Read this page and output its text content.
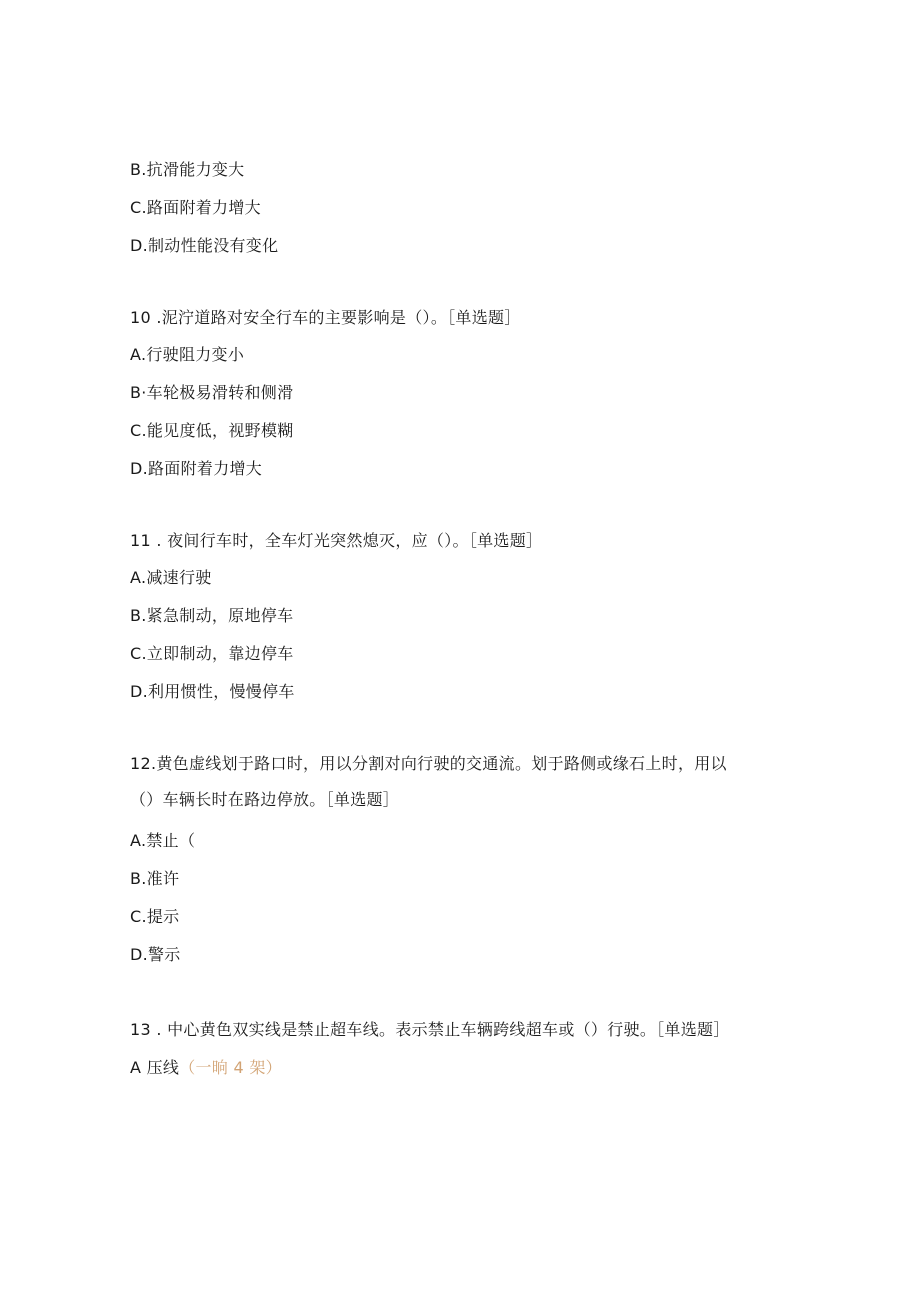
B.抗滑能力变大
C.路面附着力增大
D.制动性能没有变化
10 .泥泞道路对安全行车的主要影响是（）。［单选题］
A.行驶阻力变小
B·车轮极易滑转和侧滑
C.能见度低，视野模糊
D.路面附着力增大
11 . 夜间行车时，全车灯光突然熄灭，应（）。［单选题］
A.减速行驶
B.紧急制动，原地停车
C.立即制动，靠边停车
D.利用惯性，慢慢停车
12.黄色虚线划于路口时，用以分割对向行驶的交通流。划于路侧或缘石上时，用以
（）车辆长时在路边停放。［单选题］
A.禁止（
B.准许
C.提示
D.警示
13 . 中心黄色双实线是禁止超车线。表示禁止车辆跨线超车或（）行驶。［单选题］
A 压线（一晌 4 架）
